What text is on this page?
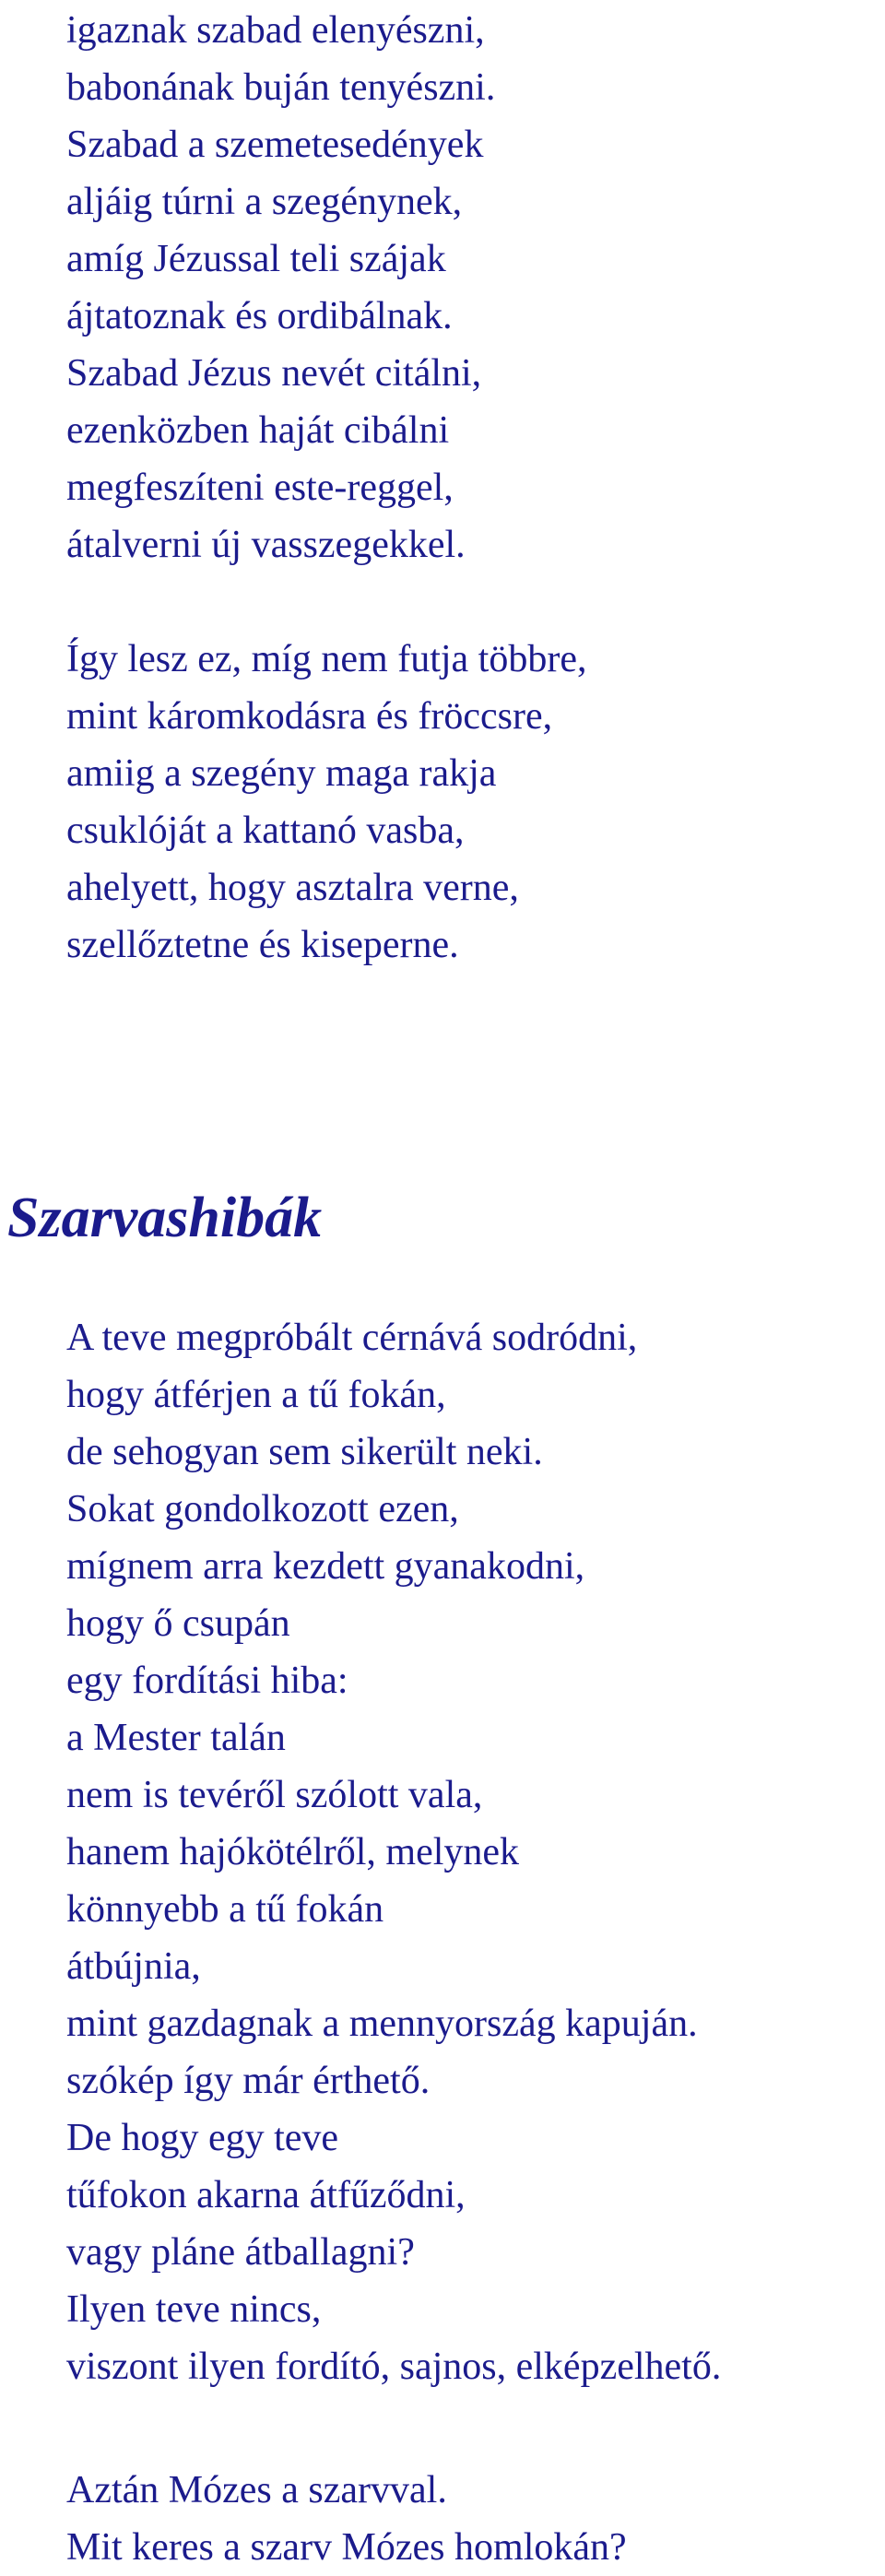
igaznak szabad elenyészni,
babonának buján tenyészni.
Szabad a szemetesedények
aljáig túrni a szegénynek,
amíg Jézussal teli szájak
ájtatoznak és ordibálnak.
Szabad Jézus nevét citálni,
ezenközben haját cibálni
megfeszíteni este-reggel,
átalverni új vasszegekkel.
Így lesz ez, míg nem futja többre,
mint káromkodásra és fröccsre,
amiig a szegény maga rakja
csuklóját a kattanó vasba,
ahelyett, hogy asztalra verne,
szellőztetne és kiseperne.
Szarvashibák
A teve megpróbált cérnává sodródni,
hogy átférjen a tű fokán,
de sehogyan sem sikerült neki.
Sokat gondolkozott ezen,
mígnem arra kezdett gyanakodni,
hogy ő csupán
egy fordítási hiba:
a Mester talán
nem is tevéről szólott vala,
hanem hajókötélről, melynek
könnyebb a tű fokán
átbújnia,
mint gazdagnak a mennyország kapuján.
szókép így már érthető.
De hogy egy teve
tűfokon akarna átfűződni,
vagy pláne átballagni?
Ilyen teve nincs,
viszont ilyen fordító, sajnos, elképzelhető.
Aztán Mózes a szarvval.
Mit keres a szarv Mózes homlokán?
